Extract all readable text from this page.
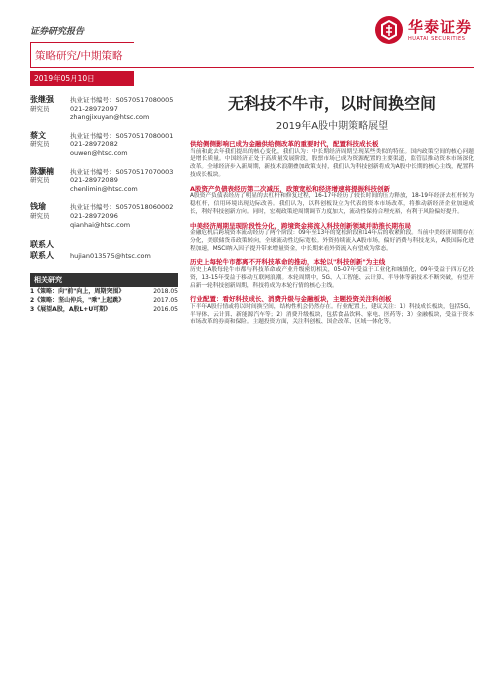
证券研究报告	华泰证券
HUATAI SECURITIES
策略研究/中期策略
2019年05月10日
张继强	执业证书编号：S0570517080005
研究员	021-28972097
zhangjixuyan@htsc.com
蔡文	执业证书编号：S0570517080001
研究员	021-28972082
ouwen@htsc.com
陈灏楠	执业证书编号：S0570517070003
研究员	021-28972089
chenlimin@htsc.com
钱瑜	执业证书编号：S0570518060002
研究员	021-28972096
qianhai@htsc.com
联系人
联系人	hujian013575@htsc.com
相关研究
1《策略：向"前"向上，周期突围》	2018.05
2《策略：坚山仲兵，"乘"上起跳》	2017.05
3《展望A股，A股L+U可期》	2016.05
无科技不牛市，以时间换空间
2019年A股中期策略展望
供给侧侧影响已成为金融供给侧改革的重要时代，配置科技成长板
当前和此去年我们提出的核心变化，我们认为：中长期经济周期呈现某些类似的特征。国内政策空间的核心问题是增长质量。中国经济正处于高质量发展阶段，股票市场已成为资源配置的主要渠道，监管层推动资本市场深化改革。全球经济步入新周期，新技术浪潮叠加政策支持，我们认为科技创新将成为A股中长期的核心主线，配置科技成长板块。
A股资产负债表经历第二次减压，政策宽松和经济增速将提振科技创新
A股资产负债表经历了明显的去杠杆和修复过程，16-17年经历了较长时间的压力释放，18-19年经济去杠杆转为稳杠杆，信用环境出现边际改善。我们认为，以科创板设立为代表的资本市场改革，将推动新经济企业加速成长，利好科技创新方向。同时，宏观政策逆周期调节力度加大，流动性保持合理充裕，有利于风险偏好提升。
中美经济周期呈现阶段性分化，跨境资金将流入科技创新领域并助推长期布局
金融危机后跨境资本流动经历了两个阶段：09年至13年的宽松阶段和14年后的收紧阶段。当前中美经济周期存在分化，美联储货币政策转向，全球流动性边际宽松。外资持续流入A股市场，偏好消费与科技龙头，A股国际化进程加速，MSCI纳入因子提升带来增量资金，中长期来看外资流入有望成为常态。
历史上每轮牛市都离不开科技革命的推动，本轮以"科技创新"为主线
历史上A股每轮牛市都与科技革命或产业升级密切相关，05-07年受益于工业化和城镇化，09年受益于四万亿投资，13-15年受益于移动互联网浪潮。本轮周期中，5G、人工智能、云计算、半导体等新技术不断突破，有望开启新一轮科技创新周期，科技将成为本轮行情的核心主线。
行业配置：看好科技成长、消费升级与金融板块，主题投资关注科创板
下半年A股行情或将以时间换空间，结构性机会仍然存在。行业配置上，建议关注：1）科技成长板块，包括5G、半导体、云计算、新能源汽车等；2）消费升级板块，包括食品饮料、家电、医药等；3）金融板块，受益于资本市场改革的券商和保险。主题投资方面，关注科创板、国企改革、区域一体化等。
